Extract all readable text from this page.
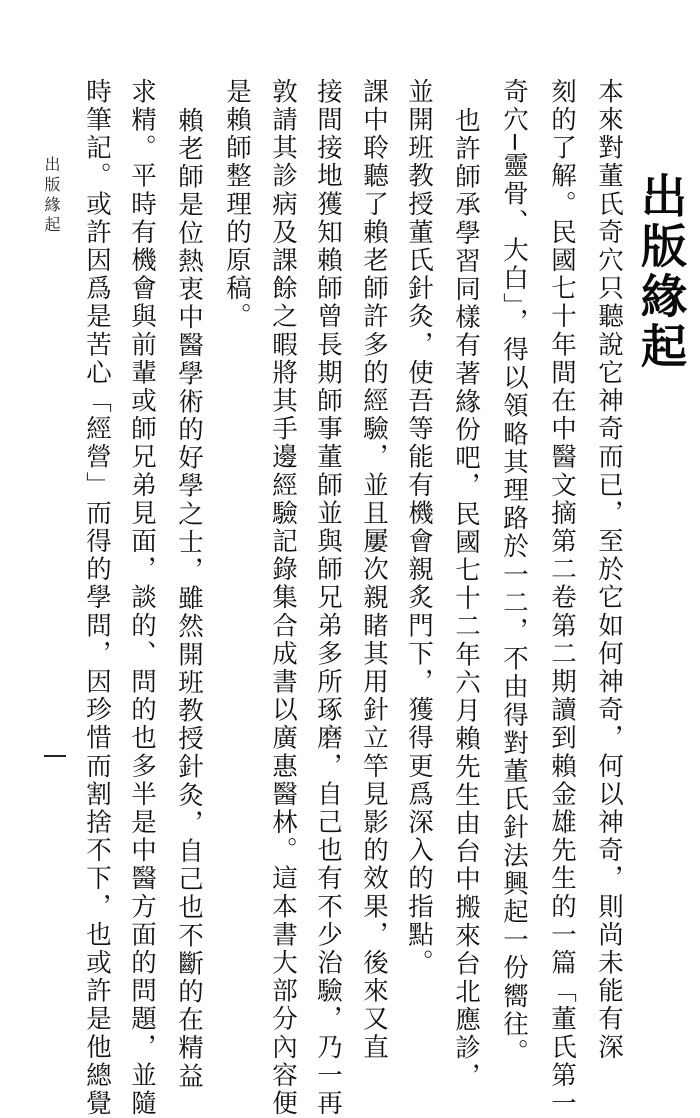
出版緣起
本來對董氏奇穴只聽說它神奇而已，至於它如何神奇，何以神奇，則尚未能有深
刻的了解。民國七十年間在中醫文摘第二卷第二期讀到賴金雄先生的一篇「董氏第一
奇穴─靈骨、大白」，得以領略其理路於一二，不由得對董氏針法興起一份嚮往。
也許師承學習同樣有著緣份吧，民國七十二年六月賴先生由台中搬來台北應診，
並開班教授董氏針灸，使吾等能有機會親炙門下，獲得更爲深入的指點。
課中聆聽了賴老師許多的經驗，並且屢次親睹其用針立竿見影的效果，後來又直
接間接地獲知賴師曾長期師事董師並與師兄弟多所琢磨，自己也有不少治驗，乃一再
敦請其診病及課餘之暇將其手邊經驗記錄集合成書以廣惠醫林。這本書大部分內容便
是賴師整理的原稿。
賴老師是位熱衷中醫學術的好學之士，雖然開班教授針灸，自己也不斷的在精益
求精。平時有機會與前輩或師兄弟見面，談的、問的也多半是中醫方面的問題，並隨
時筆記。或許因爲是苦心「經營」而得的學問，因珍惜而割捨不下，也或許是他總覺
出版緣起
